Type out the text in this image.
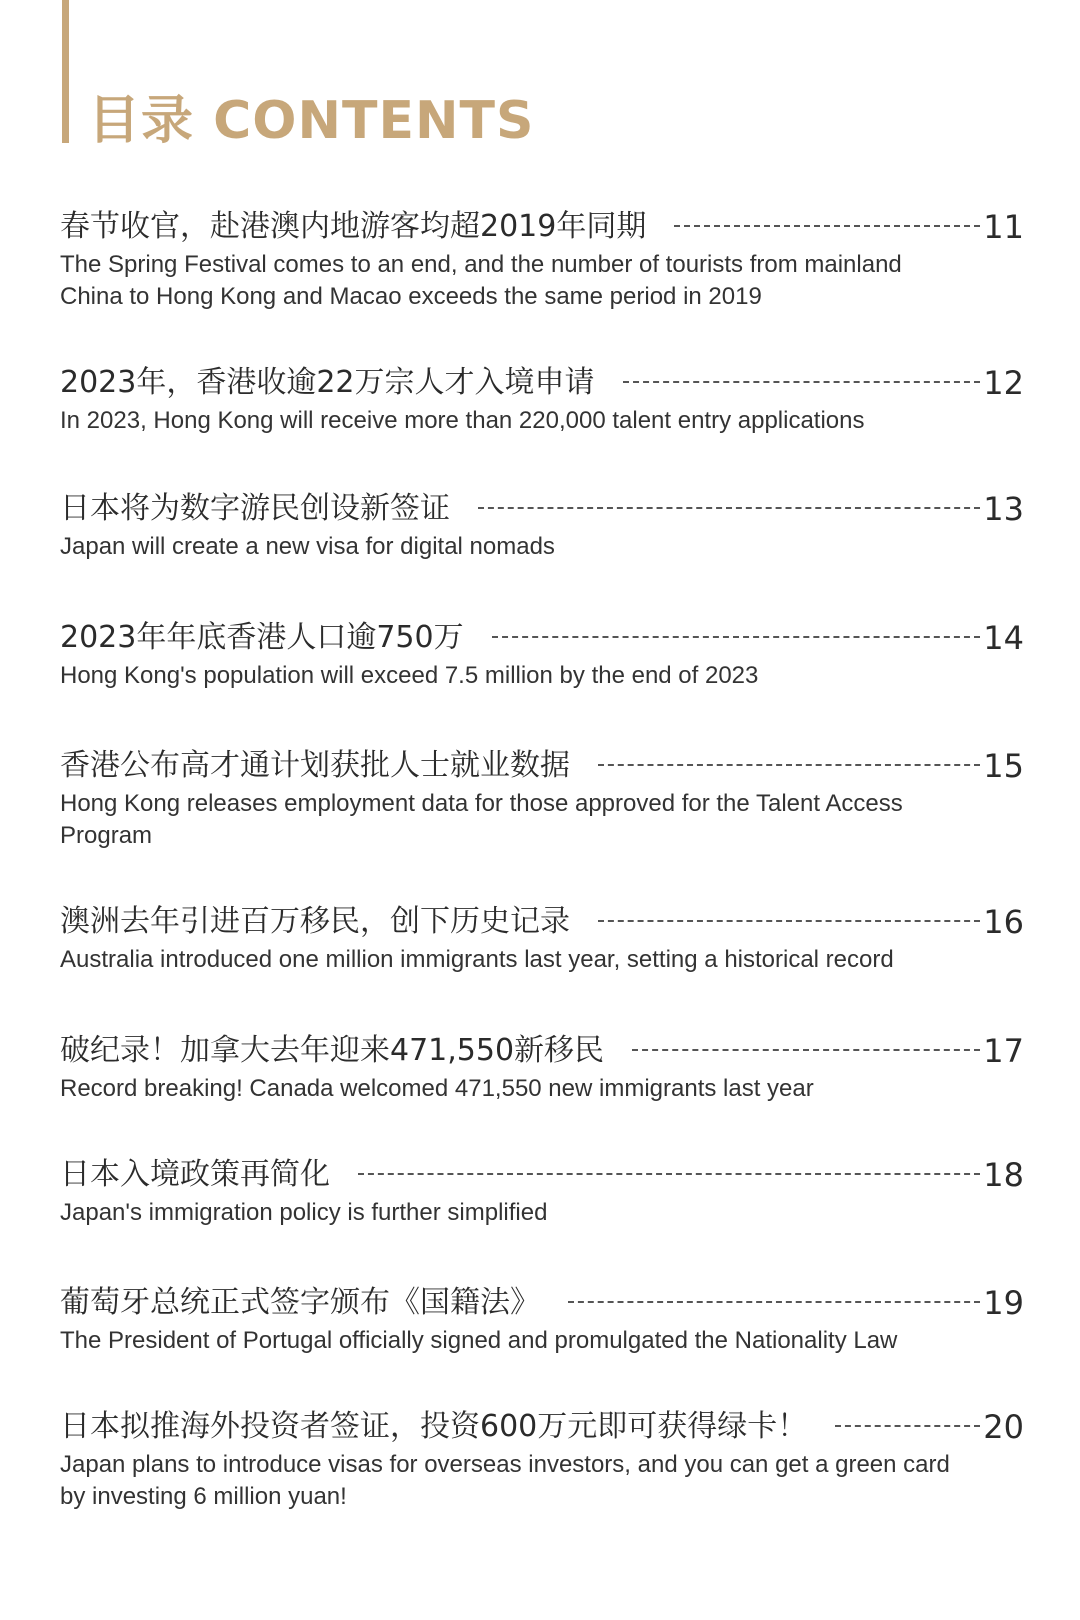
目录 CONTENTS
春节收官，赴港澳内地游客均超2019年同期	11
The Spring Festival comes to an end, and the number of tourists from mainland China to Hong Kong and Macao exceeds the same period in 2019
2023年，香港收逾22万宗人才入境申请	12
In 2023, Hong Kong will receive more than 220,000 talent entry applications
日本将为数字游民创设新签证	13
Japan will create a new visa for digital nomads
2023年年底香港人口逾750万	14
Hong Kong's population will exceed 7.5 million by the end of 2023
香港公布高才通计划获批人士就业数据	15
Hong Kong releases employment data for those approved for the Talent Access Program
澳洲去年引进百万移民，创下历史记录	16
Australia introduced one million immigrants last year, setting a historical record
破纪录！加拿大去年迎来471,550新移民	17
Record breaking! Canada welcomed 471,550 new immigrants last year
日本入境政策再简化	18
Japan's immigration policy is further simplified
葡萄牙总统正式签字颁布《国籍法》	19
The President of Portugal officially signed and promulgated the Nationality Law
日本拟推海外投资者签证，投资600万元即可获得绿卡！	20
Japan plans to introduce visas for overseas investors, and you can get a green card by investing 6 million yuan!
